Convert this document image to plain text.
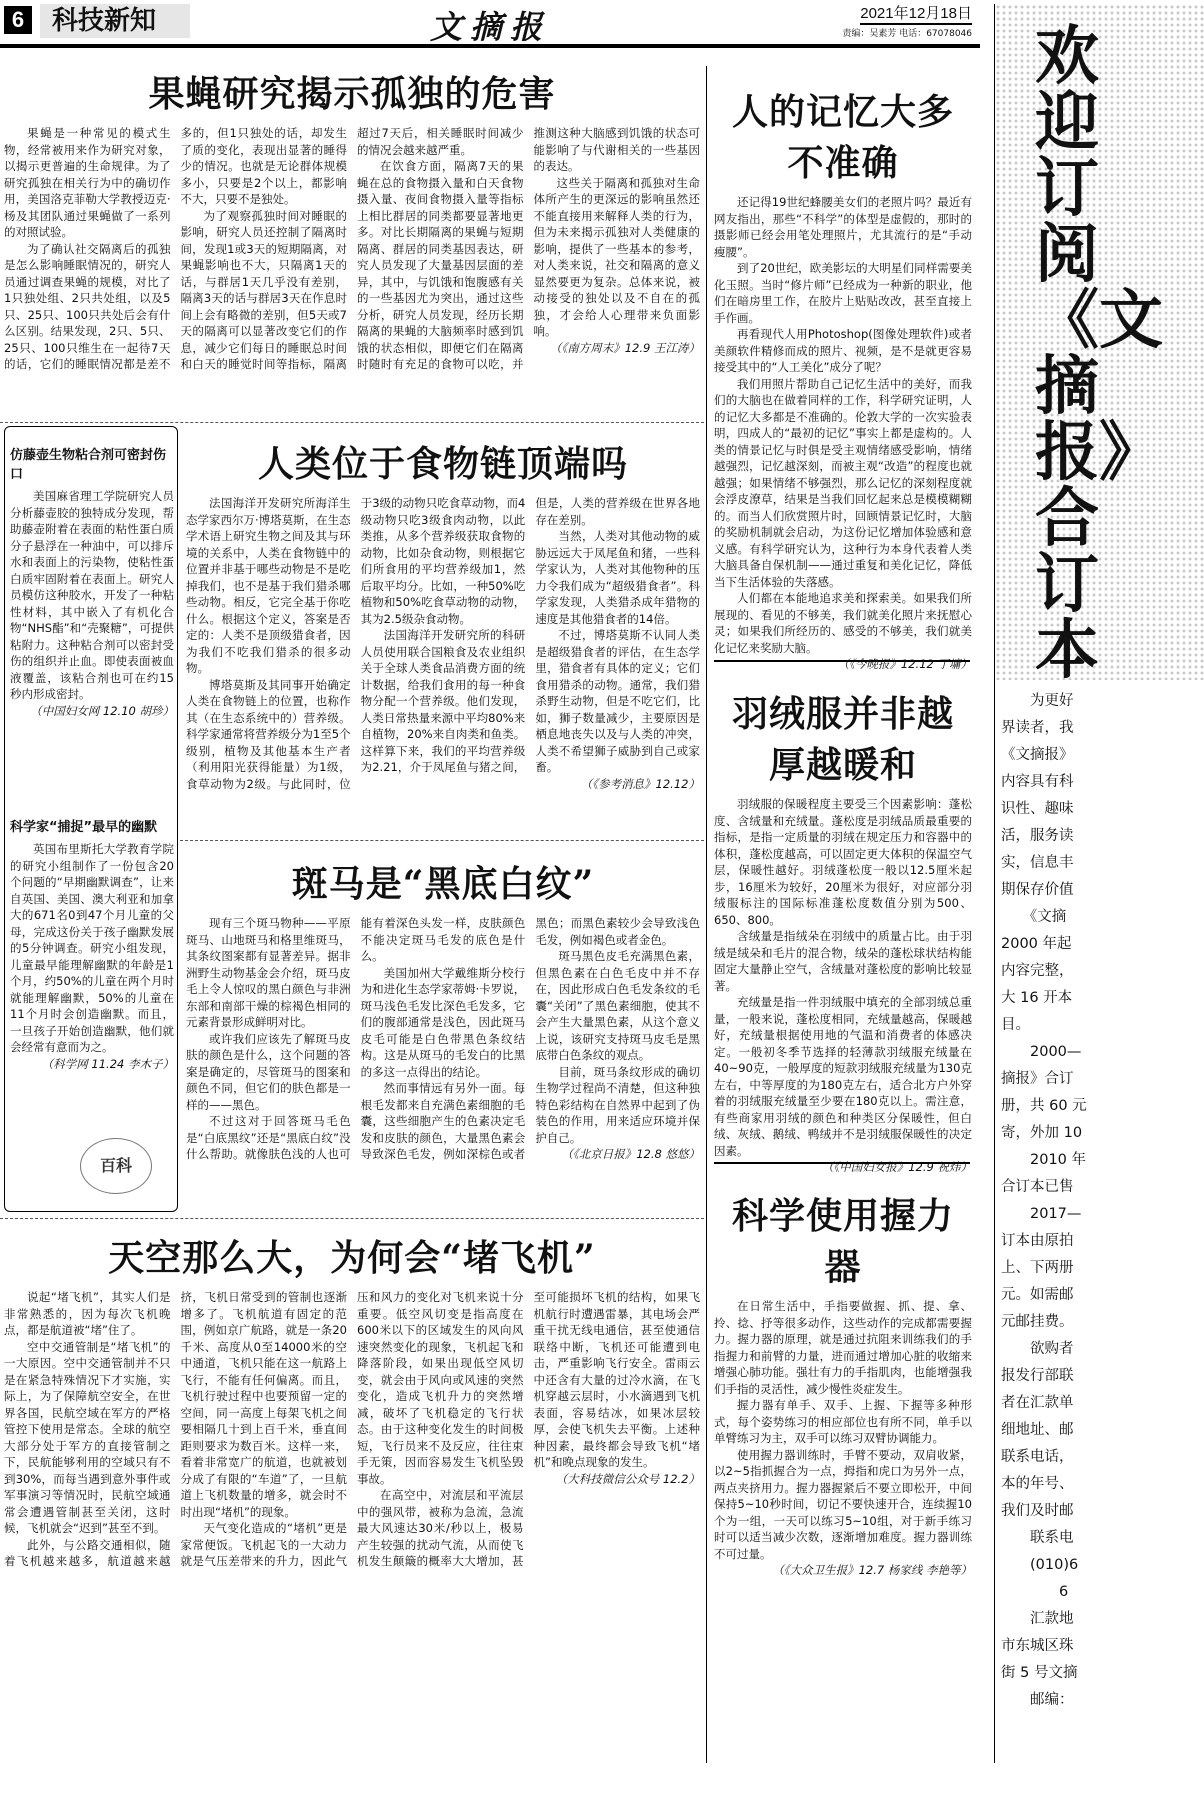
6	科技新知	文摘报	2021年12月18日
责编：吴素芳 电话：67078046
果蝇研究揭示孤独的危害

果蝇是一种常见的模式生物，经常被用来作为研究对象，以揭示更普遍的生命规律。为了研究孤独在相关行为中的确切作用，美国洛克菲勒大学教授迈克·杨及其团队通过果蝇做了一系列的对照试验。

为了确认社交隔离后的孤独是怎么影响睡眠情况的，研究人员通过调查果蝇的规模，对比了1只独处组、2只共处组，以及5只、25只、100只共处后会有什么区别。结果发现，2只、5只、25只、100只维生在一起待7天的话，它们的睡眠情况都是差不多的，但1只独处的话，却发生了质的变化，表现出显著的睡得少的情况。也就是无论群体规模多小，只要是2个以上，都影响不大，只要不是独处。

为了观察孤独时间对睡眠的影响，研究人员还控制了隔离时间，发现1或3天的短期隔离，对果蝇影响也不大，只隔离1天的话，与群居1天几乎没有差别，隔离3天的话与群居3天在作息时间上会有略微的差别，但5天或7天的隔离可以显著改变它们的作息，减少它们每日的睡眠总时间和白天的睡觉时间等指标，隔离超过7天后，相关睡眠时间减少的情况会越来越严重。

在饮食方面，隔离7天的果蝇在总的食物摄入量和白天食物摄入量、夜间食物摄入量等指标上相比群居的同类都要显著地更多。对比长期隔离的果蝇与短期隔离、群居的同类基因表达，研究人员发现了大量基因层面的差异，其中，与饥饿和饱腹感有关的一些基因尤为突出，通过这些分析，研究人员发现，经历长期隔离的果蝇的大脑频率时感到饥饿的状态相似，即便它们在隔离时随时有充足的食物可以吃，并推测这种大脑感到饥饿的状态可能影响了与代谢相关的一些基因的表达。

这些关于隔离和孤独对生命体所产生的更深远的影响虽然还不能直接用来解释人类的行为，但为未来揭示孤独对人类健康的影响，提供了一些基本的参考，对人类来说，社交和隔离的意义显然要更为复杂。总体来说，被动接受的独处以及不自在的孤独，才会给人心理带来负面影响。

（《南方周末》12.9 王江涛）

人的记忆大多不准确

还记得19世纪蜂腰美女们的老照片吗？最近有网友指出，那些“不科学”的体型是虚假的，那时的摄影师已经会用笔处理照片，尤其流行的是“手动瘦腰”。

到了20世纪，欧美影坛的大明星们同样需要美化玉照。当时“修片师”已经成为一种新的职业，他们在暗房里工作，在胶片上贴贴改改，甚至直接上手作画。

再看现代人用Photoshop(图像处理软件)或者美颜软件精修而成的照片、视频，是不是就更容易接受其中的“人工美化”成分了呢？

我们用照片帮助自己记忆生活中的美好，而我们的大脑也在做着同样的工作，科学研究证明，人的记忆大多都是不准确的。伦敦大学的一次实验表明，四成人的“最初的记忆”事实上都是虚构的。人类的情景记忆与时俱是受主观情绪感受影响，情绪越强烈，记忆越深刻，而被主观“改造”的程度也就越强；如果情绪不够强烈，那么记忆的深刻程度就会浮皮潦草，结果是当我们回忆起来总是模模糊糊的。而当人们欣赏照片时，回顾情景记忆时，大脑的奖励机制就会启动，为这份记忆增加体验感和意义感。有科学研究认为，这种行为本身代表着人类大脑具备自保机制——通过重复和美化记忆，降低当下生活体验的失落感。

人们都在本能地追求美和探索美。如果我们所展现的、看见的不够美，我们就美化照片来抚慰心灵；如果我们所经历的、感受的不够美，我们就美化记忆来奖励大脑。

（《今晚报》12.12 丁墉）

羽绒服并非越厚越暖和

羽绒服的保暖程度主要受三个因素影响：蓬松度、含绒量和充绒量。蓬松度是羽绒品质最重要的指标，是指一定质量的羽绒在规定压力和容器中的体积，蓬松度越高，可以固定更大体积的保温空气层，保暖性越好。羽绒蓬松度一般以12.5厘米起步，16厘米为较好，20厘米为很好，对应部分羽绒服标注的国际标准蓬松度数值分别为500、650、800。

含绒量是指绒朵在羽绒中的质量占比。由于羽绒是绒朵和毛片的混合物，绒朵的蓬松球状结构能固定大量静止空气，含绒量对蓬松度的影响比较显著。

充绒量是指一件羽绒服中填充的全部羽绒总重量，一般来说，蓬松度相同，充绒量越高，保暖越好，充绒量根据使用地的气温和消费者的体感决定。一般初冬季节选择的轻薄款羽绒服充绒量在40~90克，一般厚度的短款羽绒服充绒量为130克左右，中等厚度的为180克左右，适合北方户外穿着的羽绒服充绒量至少要在180克以上。需注意，有些商家用羽绒的颜色和种类区分保暖性，但白绒、灰绒、鹅绒、鸭绒并不是羽绒服保暖性的决定因素。

（《中国妇女报》12.9 祝炜）

科学使用握力器

在日常生活中，手指要做握、抓、提、拿、拎、捻、抒等很多动作，这些动作的完成都需要握力。握力器的原理，就是通过抗阻来训练我们的手指握力和前臂的力量，进而通过增加心脏的收缩来增强心肺功能。强壮有力的手指肌肉，也能增强我们手指的灵活性，减少慢性炎症发生。

握力器有单手、双手、上握、下握等多种形式，每个姿势练习的相应部位也有所不同，单手以单臂练习为主，双手可以练习双臂协调能力。

使用握力器训练时，手臂不要动，双肩收紧，以2~5指抓握合为一点，拇指和虎口为另外一点，两点夹挤用力。握力器握紧后不要立即松开，中间保持5~10秒时间，切记不要快速开合，连续握10个为一组，一天可以练习5~10组，对于新手练习时可以适当减少次数，逐渐增加难度。握力器训练不可过量。

（《大众卫生报》12.7 杨家线 李艳等）

仿藤壶生物粘合剂可密封伤口

美国麻省理工学院研究人员分析藤壶胶的独特成分发现，帮助藤壶附着在表面的粘性蛋白质分子悬浮在一种油中，可以排斥水和表面上的污染物，使粘性蛋白质牢固附着在表面上。研究人员模仿这种胶水，开发了一种粘性材料，其中嵌入了有机化合物“NHS酯”和“壳聚糖”，可提供粘附力。这种粘合剂可以密封受伤的组织并止血。即使表面被血液覆盖，该粘合剂也可在约15秒内形成密封。

（中国妇女网 12.10 胡珍）

科学家“捕捉”最早的幽默

英国布里斯托大学教育学院的研究小组制作了一份包含20个问题的“早期幽默调查”，让来自英国、美国、澳大利亚和加拿大的671名0到47个月儿童的父母，完成这份关于孩子幽默发展的5分钟调查。研究小组发现，儿童最早能理解幽默的年龄是1个月，约50%的儿童在两个月时就能理解幽默，50%的儿童在11个月时会创造幽默。而且，一旦孩子开始创造幽默，他们就会经常有意而为之。

（科学网 11.24 李木子）

百科
人类位于食物链顶端吗

法国海洋开发研究所海洋生态学家西尔万·博塔莫斯，在生态学术语上研究生物之间及其与环境的关系中，人类在食物链中的位置并非基于哪些动物是不是吃掉我们，也不是基于我们猎杀哪些动物。相反，它完全基于你吃什么。根据这个定义，答案是否定的：人类不是顶级猎食者，因为我们不吃我们猎杀的很多动物。

博塔莫斯及其同事开始确定人类在食物链上的位置，也称作其（在生态系统中的）营养级。科学家通常将营养级分为1至5个级别，植物及其他基本生产者（利用阳光获得能量）为1级，食草动物为2级。与此同时，位于3级的动物只吃食草动物，而4级动物只吃3级食肉动物，以此类推，从多个营养级获取食物的动物，比如杂食动物，则根据它们所食用的平均营养级加1，然后取平均分。比如，一种50%吃植物和50%吃食草动物的动物，其为2.5级杂食动物。

法国海洋开发研究所的科研人员使用联合国粮食及农业组织关于全球人类食品消费方面的统计数据，给我们食用的每一种食物分配一个营养级。他们发现，人类日常热量来源中平均80%来自植物，20%来自肉类和鱼类。这样算下来，我们的平均营养级为2.21，介于凤尾鱼与猪之间，但是，人类的营养级在世界各地存在差别。

当然，人类对其他动物的威胁远远大于凤尾鱼和猪，一些科学家认为，人类对其他物种的压力令我们成为“超级猎食者”。科学家发现，人类猎杀成年猎物的速度是其他猎食者的14倍。

不过，博塔莫斯不认同人类是超级猎食者的评估，在生态学里，猎食者有具体的定义；它们食用猎杀的动物。通常，我们猎杀野生动物，但是不吃它们，比如，狮子数量减少，主要原因是栖息地丧失以及与人类的冲突，人类不希望狮子威胁到自己或家畜。

（《参考消息》12.12）

斑马是“黑底白纹”

现有三个斑马物种——平原斑马、山地斑马和格里维斑马，其条纹图案都有显著差异。据非洲野生动物基金会介绍，斑马皮毛上令人惊叹的黑白颜色与非洲东部和南部干燥的棕褐色相同的元素背景形成鲜明对比。

或许我们应该先了解斑马皮肤的颜色是什么，这个问题的答案是确定的，尽管斑马的图案和颜色不同，但它们的肤色都是一样的——黑色。

不过这对于回答斑马毛色是“白底黑纹”还是“黑底白纹”没什么帮助。就像肤色浅的人也可能有着深色头发一样，皮肤颜色不能决定斑马毛发的底色是什么。

美国加州大学戴维斯分校行为和进化生态学家蒂姆·卡罗说，斑马浅色毛发比深色毛发多，它们的腹部通常是浅色，因此斑马皮毛可能是白色带黑色条纹结构。这是从斑马的毛发白的比黑的多这一点得出的结论。

然而事情远有另外一面。每根毛发都来自充满色素细胞的毛囊，这些细胞产生的色素决定毛发和皮肤的颜色，大量黑色素会导致深色毛发，例如深棕色或者黑色；而黑色素较少会导致浅色毛发，例如褐色或者金色。

斑马黑色皮毛充满黑色素，但黑色素在白色毛皮中并不存在，因此形成白色毛发条纹的毛囊“关闭”了黑色素细胞，使其不会产生大量黑色素，从这个意义上说，该研究支持斑马皮毛是黑底带白色条纹的观点。

目前，斑马条纹形成的确切生物学过程尚不清楚，但这种独特色彩结构在自然界中起到了伪装色的作用，用来适应环境并保护自己。

（《北京日报》12.8 悠悠）

天空那么大，为何会“堵飞机”

说起“堵飞机”，其实人们是非常熟悉的，因为每次飞机晚点，都是航道被“堵”住了。

空中交通管制是“堵飞机”的一大原因。空中交通管制并不只是在紧急特殊情况下才实施，实际上，为了保障航空安全，在世界各国，民航空域在军方的严格管控下使用是常态。全球的航空大部分处于军方的直接管制之下，民航能够利用的空域只有不到30%，而每当遇到意外事件或军事演习等情况时，民航空域通常会遭遇管制甚至关闭，这时候，飞机就会“迟到”甚至不到。

此外，与公路交通相似，随着飞机越来越多，航道越来越挤，飞机日常受到的管制也逐渐增多了。飞机航道有固定的范围，例如京广航路，就是一条20千米、高度从0至14000米的空中通道，飞机只能在这一航路上飞行，不能有任何偏离。而且，飞机行驶过程中也要预留一定的空间，同一高度上每架飞机之间要相隔几十到上百千米，垂直间距则要求为数百米。这样一来，看着非常宽广的航道，也就被划分成了有限的“车道”了，一旦航道上飞机数量的增多，就会时不时出现“堵机”的现象。

天气变化造成的“堵机”更是家常便饭。飞机起飞的一大动力就是气压差带来的升力，因此气压和风力的变化对飞机来说十分重要。低空风切变是指高度在600米以下的区域发生的风向风速突然变化的现象，飞机起飞和降落阶段，如果出现低空风切变，就会由于风向或风速的突然变化，造成飞机升力的突然增减，破坏了飞机稳定的飞行状态。由于这种变化发生的时间极短，飞行员来不及反应，往往束手无策，因而容易发生飞机坠毁事故。

在高空中，对流层和平流层中的强风带，被称为急流，急流最大风速达30米/秒以上，极易产生较强的扰动气流，从而使飞机发生颠簸的概率大大增加，甚至可能损坏飞机的结构，如果飞机航行时遭遇雷暴，其电场会严重干扰无线电通信，甚至使通信联络中断，飞机还可能遭到电击，严重影响飞行安全。雷雨云中还含有大量的过冷水滴，在飞机穿越云层时，小水滴遇到飞机表面，容易结冰，如果冰层较厚，会使飞机失去平衡。上述种种因素，最终都会导致飞机“堵机”和晚点现象的发生。

（大科技微信公众号 12.2）

欢
迎
订
阅
《文
摘
报》
合
订
本
　　为更好
界读者，我
《文摘报》
内容具有科
识性、趣味
活，服务读
实，信息丰
期保存价值
　　《文摘
2000 年起
内容完整，
大 16 开本
目。
　　2000—
摘报》合订
册，共 60 元
寄，外加 10
　　2010 年
合订本已售
　　2017—
订本由原拍
上、下两册
元。如需邮
元邮挂费。
　　欲购者
报发行部联
者在汇款单
细地址、邮
联系电话，
本的年号、
我们及时邮
　　联系电
　　(010)6
　　　　6
　　汇款地
市东城区珠
街 5 号文摘
　　邮编：
